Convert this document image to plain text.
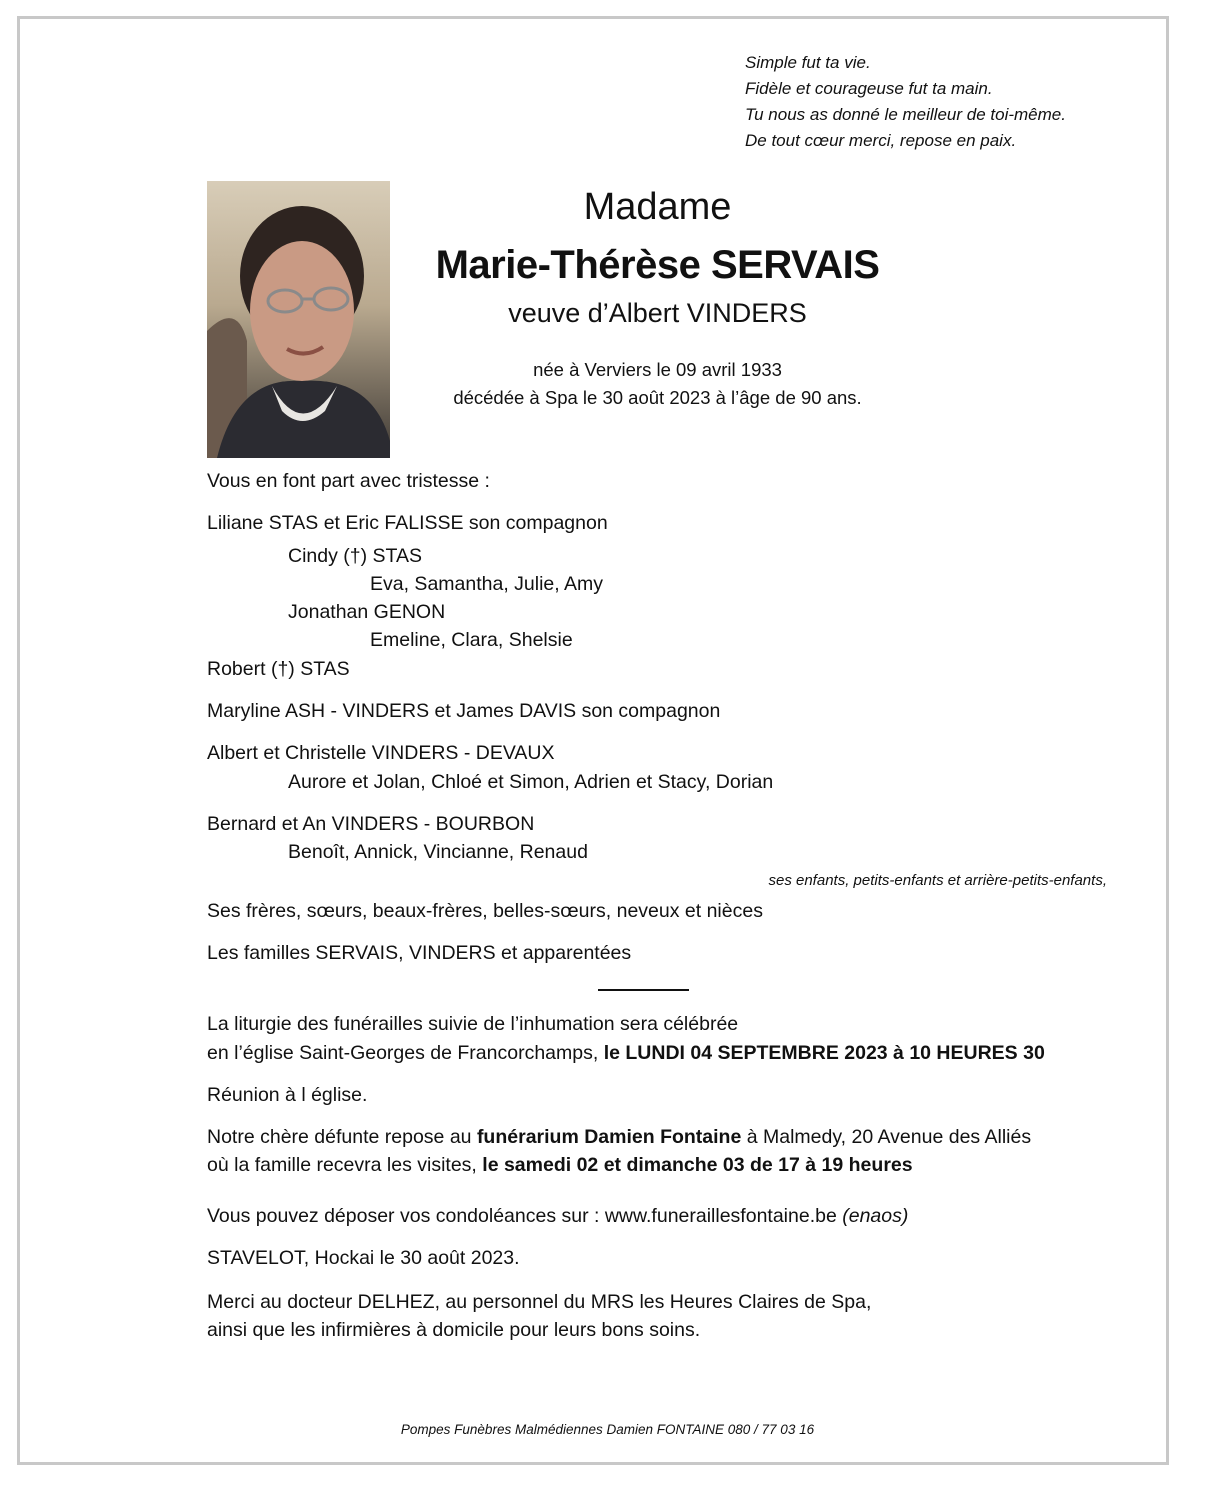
Simple fut ta vie.
Fidèle et courageuse fut ta main.
Tu nous as donné le meilleur de toi-même.
De tout cœur merci, repose en paix.
Madame
Marie-Thérèse SERVAIS
veuve d’Albert VINDERS
née à Verviers le 09 avril 1933
décédée à Spa le 30 août 2023 à l’âge de 90 ans.
Vous en font part avec tristesse :
Liliane STAS et Eric FALISSE son compagnon
Cindy (†) STAS
Eva, Samantha, Julie, Amy
Jonathan GENON
Emeline, Clara, Shelsie
Robert (†) STAS
Maryline ASH - VINDERS et James DAVIS son compagnon
Albert et Christelle VINDERS - DEVAUX
Aurore et Jolan, Chloé et Simon, Adrien et Stacy, Dorian
Bernard et An VINDERS - BOURBON
Benoît, Annick, Vincianne, Renaud
ses enfants, petits-enfants et arrière-petits-enfants,
Ses frères, sœurs, beaux-frères, belles-sœurs, neveux et nièces
Les familles SERVAIS, VINDERS et apparentées
La liturgie des funérailles suivie de l’inhumation sera célébrée
en l’église Saint-Georges de Francorchamps, le LUNDI 04 SEPTEMBRE 2023 à 10 HEURES 30
Réunion à l église.
Notre chère défunte repose au funérarium Damien Fontaine à Malmedy, 20 Avenue des Alliés
où la famille recevra les visites, le samedi 02 et dimanche 03 de 17 à 19 heures
Vous pouvez déposer vos condoléances sur : www.funerailles​fontaine.be (enaos)
STAVELOT, Hockai le 30 août 2023.
Merci au docteur DELHEZ, au personnel du MRS les Heures Claires de Spa,
ainsi que les infirmières à domicile pour leurs bons soins.
Pompes Funèbres Malmédiennes Damien FONTAINE 080 / 77 03 16
